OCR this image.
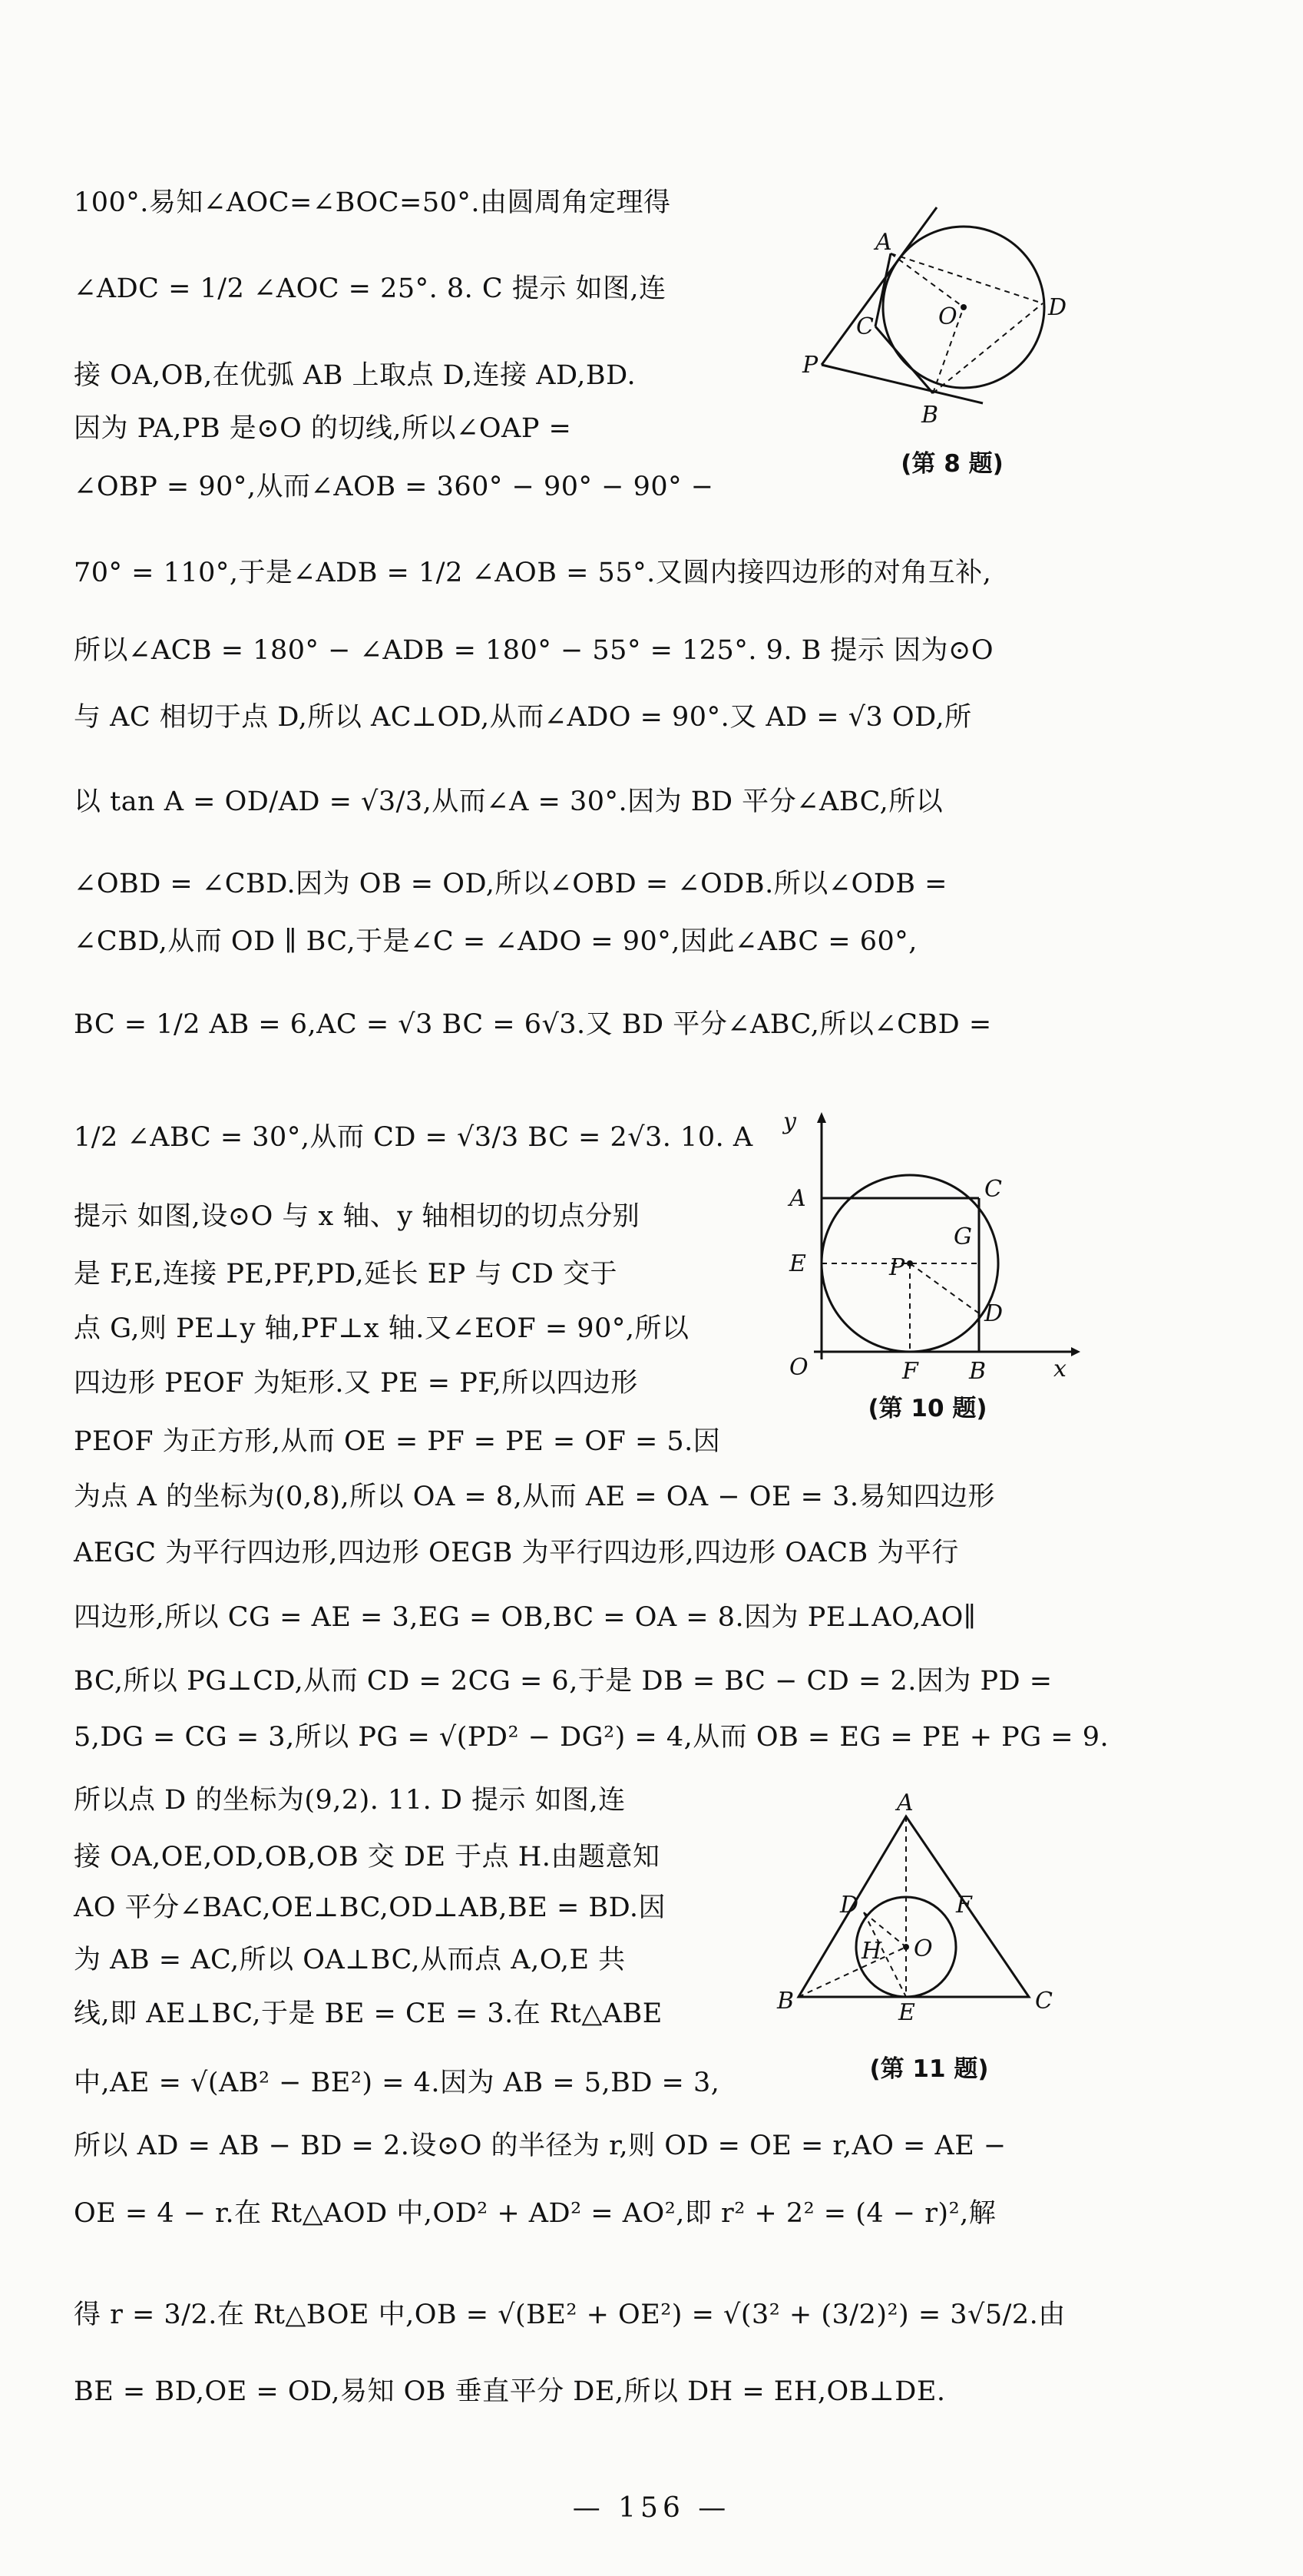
100°.易知∠AOC=∠BOC=50°.由圆周角定理得
∠ADC = 1/2 ∠AOC = 25°. 8. C 提示 如图,连
接 OA,OB,在优弧 AB 上取点 D,连接 AD,BD.
因为 PA,PB 是⊙O 的切线,所以∠OAP =
∠OBP = 90°,从而∠AOB = 360° − 90° − 90° −
70° = 110°,于是∠ADB = 1/2 ∠AOB = 55°.又圆内接四边形的对角互补,
所以∠ACB = 180° − ∠ADB = 180° − 55° = 125°. 9. B 提示 因为⊙O
与 AC 相切于点 D,所以 AC⊥OD,从而∠ADO = 90°.又 AD = √3 OD,所
以 tan A = OD/AD = √3/3,从而∠A = 30°.因为 BD 平分∠ABC,所以
∠OBD = ∠CBD.因为 OB = OD,所以∠OBD = ∠ODB.所以∠ODB =
∠CBD,从而 OD ∥ BC,于是∠C = ∠ADO = 90°,因此∠ABC = 60°,
BC = 1/2 AB = 6,AC = √3 BC = 6√3.又 BD 平分∠ABC,所以∠CBD =
1/2 ∠ABC = 30°,从而 CD = √3/3 BC = 2√3. 10. A
提示 如图,设⊙O 与 x 轴、y 轴相切的切点分别
是 F,E,连接 PE,PF,PD,延长 EP 与 CD 交于
点 G,则 PE⊥y 轴,PF⊥x 轴.又∠EOF = 90°,所以
四边形 PEOF 为矩形.又 PE = PF,所以四边形
PEOF 为正方形,从而 OE = PF = PE = OF = 5.因
为点 A 的坐标为(0,8),所以 OA = 8,从而 AE = OA − OE = 3.易知四边形
AEGC 为平行四边形,四边形 OEGB 为平行四边形,四边形 OACB 为平行
四边形,所以 CG = AE = 3,EG = OB,BC = OA = 8.因为 PE⊥AO,AO∥
BC,所以 PG⊥CD,从而 CD = 2CG = 6,于是 DB = BC − CD = 2.因为 PD =
5,DG = CG = 3,所以 PG = √(PD² − DG²) = 4,从而 OB = EG = PE + PG = 9.
所以点 D 的坐标为(9,2). 11. D 提示 如图,连
接 OA,OE,OD,OB,OB 交 DE 于点 H.由题意知
AO 平分∠BAC,OE⊥BC,OD⊥AB,BE = BD.因
为 AB = AC,所以 OA⊥BC,从而点 A,O,E 共
线,即 AE⊥BC,于是 BE = CE = 3.在 Rt△ABE
中,AE = √(AB² − BE²) = 4.因为 AB = 5,BD = 3,
所以 AD = AB − BD = 2.设⊙O 的半径为 r,则 OD = OE = r,AO = AE −
OE = 4 − r.在 Rt△AOD 中,OD² + AD² = AO²,即 r² + 2² = (4 − r)²,解
得 r = 3/2.在 Rt△BOE 中,OB = √(BE² + OE²) = √(3² + (3/2)²) = 3√5/2.由
BE = BD,OE = OD,易知 OB 垂直平分 DE,所以 DH = EH,OB⊥DE.
A
C	O	D
P
B
(第 8 题)
y
A	C
G
E	P
D
O	F B	x
(第 10 题)
A
D	F
H O
B	E	C
(第 11 题)
— 156 —
